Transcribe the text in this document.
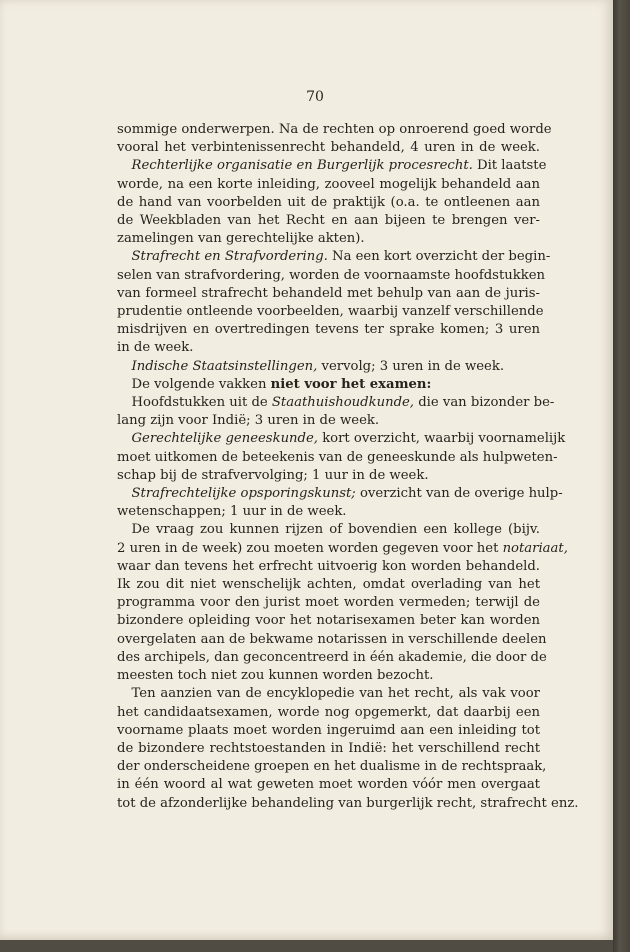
70
sommige onderwerpen. Na de rechten op onroerend goed worde
vooral het verbintenissenrecht behandeld, 4 uren in de week.
Rechterlijke organisatie en Burgerlijk procesrecht. Dit laatste
worde, na een korte inleiding, zooveel mogelijk behandeld aan
de hand van voorbelden uit de praktijk (o.a. te ontleenen aan
de Weekbladen van het Recht en aan bijeen te brengen ver-
zamelingen van gerechtelijke akten).
Strafrecht en Strafvordering. Na een kort overzicht der begin-
selen van strafvordering, worden de voornaamste hoofdstukken
van formeel strafrecht behandeld met behulp van aan de juris-
prudentie ontleende voorbeelden, waarbij vanzelf verschillende
misdrijven en overtredingen tevens ter sprake komen; 3 uren
in de week.
Indische Staatsinstellingen, vervolg; 3 uren in de week.
De volgende vakken niet voor het examen:
Hoofdstukken uit de Staathuishoudkunde, die van bizonder be-
lang zijn voor Indië; 3 uren in de week.
Gerechtelijke geneeskunde, kort overzicht, waarbij voornamelijk
moet uitkomen de beteekenis van de geneeskunde als hulpweten-
schap bij de strafvervolging; 1 uur in de week.
Strafrechtelijke opsporingskunst; overzicht van de overige hulp-
wetenschappen; 1 uur in de week.
De vraag zou kunnen rijzen of bovendien een kollege (bijv.
2 uren in de week) zou moeten worden gegeven voor het notariaat,
waar dan tevens het erfrecht uitvoerig kon worden behandeld.
Ik zou dit niet wenschelijk achten, omdat overlading van het
programma voor den jurist moet worden vermeden; terwijl de
bizondere opleiding voor het notarisexamen beter kan worden
overgelaten aan de bekwame notarissen in verschillende deelen
des archipels, dan geconcentreerd in één akademie, die door de
meesten toch niet zou kunnen worden bezocht.
Ten aanzien van de encyklopedie van het recht, als vak voor
het candidaatsexamen, worde nog opgemerkt, dat daarbij een
voorname plaats moet worden ingeruimd aan een inleiding tot
de bizondere rechtstoestanden in Indië: het verschillend recht
der onderscheidene groepen en het dualisme in de rechtspraak,
in één woord al wat geweten moet worden vóór men overgaat
tot de afzonderlijke behandeling van burgerlijk recht, strafrecht enz.
